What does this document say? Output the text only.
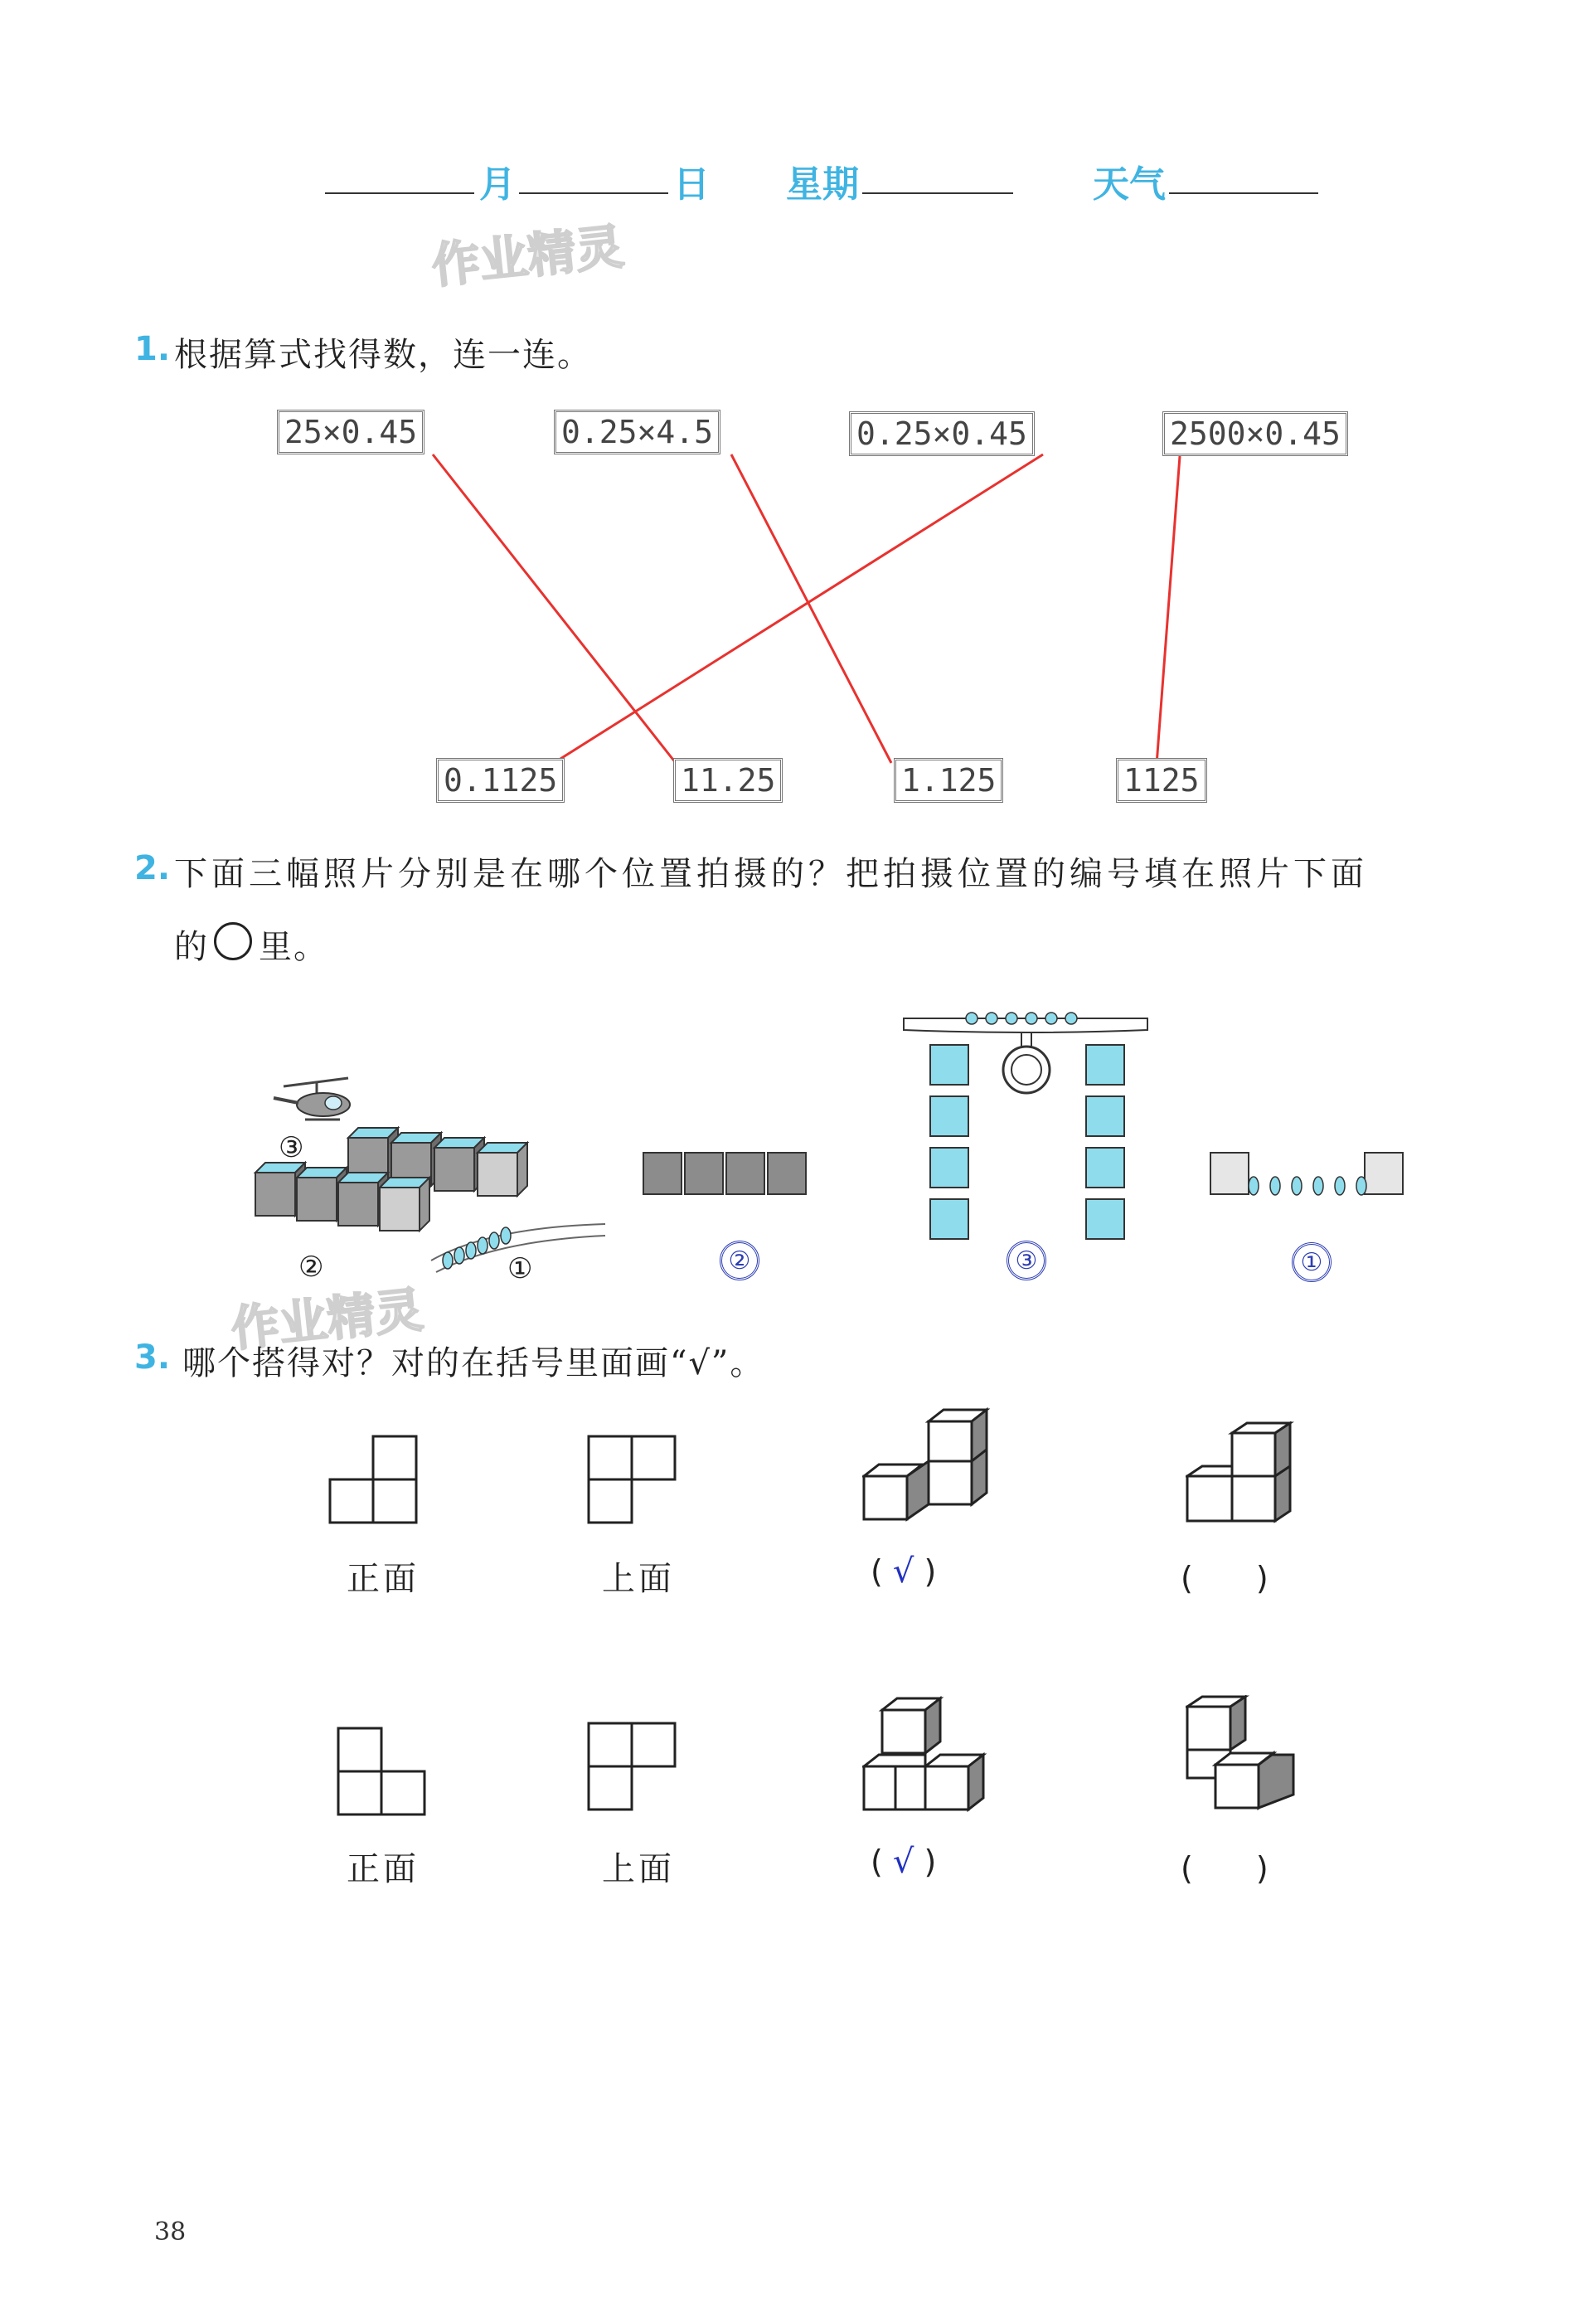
月	日 星期	天气
作业精灵
1. 根据算式找得数，连一连。
25×0.45	0.25×4.5	0.25×0.45	2500×0.45
0.1125	11.25	1.125	1125
2. 下面三幅照片分别是在哪个位置拍摄的？把拍摄位置的编号填在照片下面
的 里。
③
②	①	②	③	①
作业精灵
3. 哪个搭得对？对的在括号里面画“√”。
正面	上面	( √ )	(　　)
正面	上面	( √ )	(　　)
38
